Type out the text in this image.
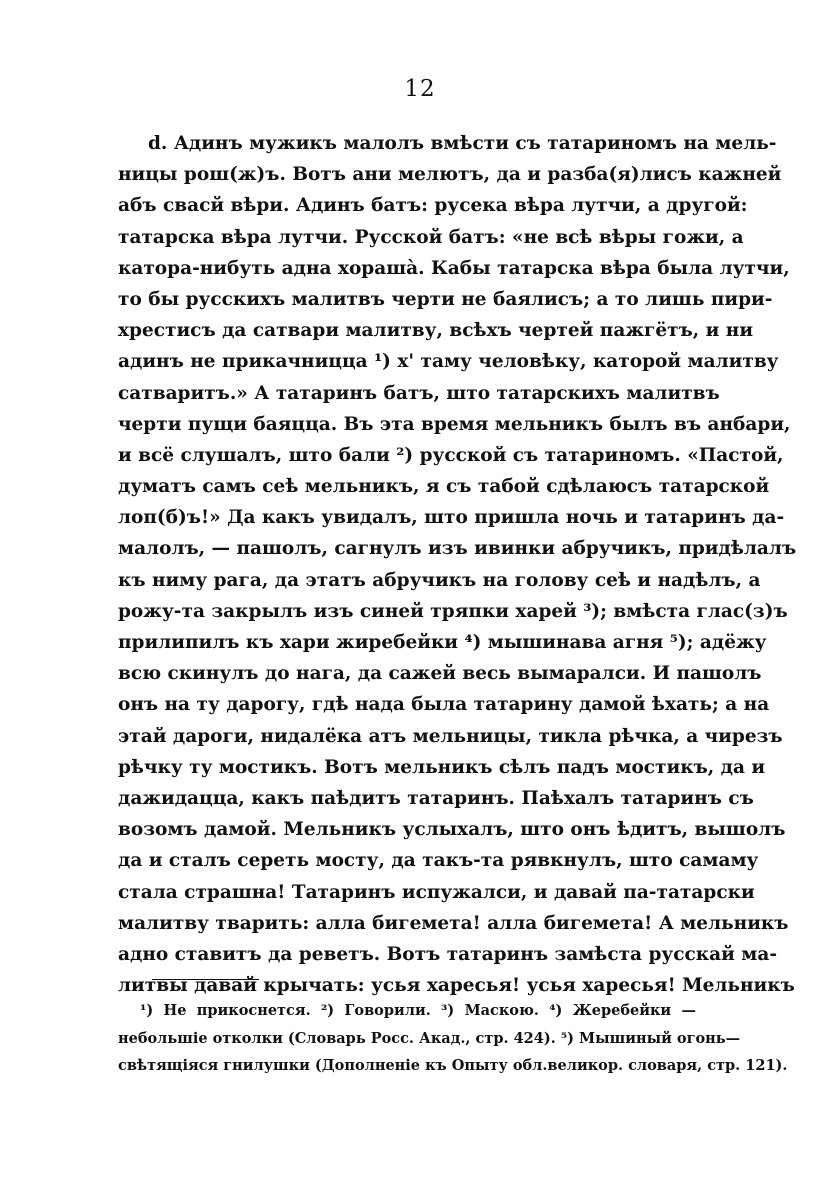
12
d. Адинъ мужикъ малолъ вмѣсти съ татариномъ на мель-
ницы рош(ж)ъ. Вотъ ани мелютъ, да и разба(я)лисъ кажней
абъ свасй вѣри. Адинъ батъ: русека вѣра лутчи, а другой:
татарска вѣра лутчи. Русской батъ: «не всѣ вѣры гожи, а
катора-нибуть адна хорашà. Кабы татарска вѣра была лутчи,
то бы русскихъ малитвъ черти не баялисъ; а то лишь пири-
хрестисъ да сатвари малитву, всѣхъ чертей пажгётъ, и ни
адинъ не прикачницца ¹) х' таму человѣку, каторой малитву
сатваритъ.» А татаринъ батъ, што татарскихъ малитвъ
черти пущи баяцца. Въ эта время мельникъ былъ въ анбари,
и всё слушалъ, што бали ²) русской съ татариномъ. «Пастой,
думатъ самъ сеѣ мельникъ, я съ табой сдѣлаюсъ татарской
лоп(б)ъ!» Да какъ увидалъ, што пришла ночь и татаринъ да-
малолъ, — пашолъ, сагнулъ изъ ивинки абручикъ, придѣлалъ
къ ниму рага, да этатъ абручикъ на голову сеѣ и надѣлъ, а
рожу-та закрылъ изъ синей тряпки харей ³); вмѣста глас(з)ъ
прилипилъ къ хари жиребейки ⁴) мышинава агня ⁵); адёжу
всю скинулъ до нага, да сажей весь вымаралси. И пашолъ
онъ на ту дарогу, гдѣ нада была татарину дамой ѣхать; а на
этай дароги, нидалёка атъ мельницы, тикла рѣчка, а чирезъ
рѣчку ту мостикъ. Вотъ мельникъ сѣлъ падъ мостикъ, да и
дажидацца, какъ паѣдитъ татаринъ. Паѣхалъ татаринъ съ
возомъ дамой. Мельникъ услыхалъ, што онъ ѣдитъ, вышолъ
да и сталъ сереть мосту, да такъ-та рявкнулъ, што самаму
стала страшна! Татаринъ испужалси, и давай па-татарски
малитву тварить: алла бигемета! алла бигемета! А мельникъ
адно ставитъ да реветъ. Вотъ татаринъ замѣста русскай ма-
литвы давай крычать: усья харесья! усья харесья! Мельникъ
¹) Не прикоснется. ²) Говорили. ³) Маскою. ⁴) Жеребейки —
небольшіе отколки (Словарь Росс. Акад., стр. 424). ⁵) Мышиный огонь—
свѣтящіяся гнилушки (Дополненіе къ Опыту обл.великор. словаря, стр. 121).
